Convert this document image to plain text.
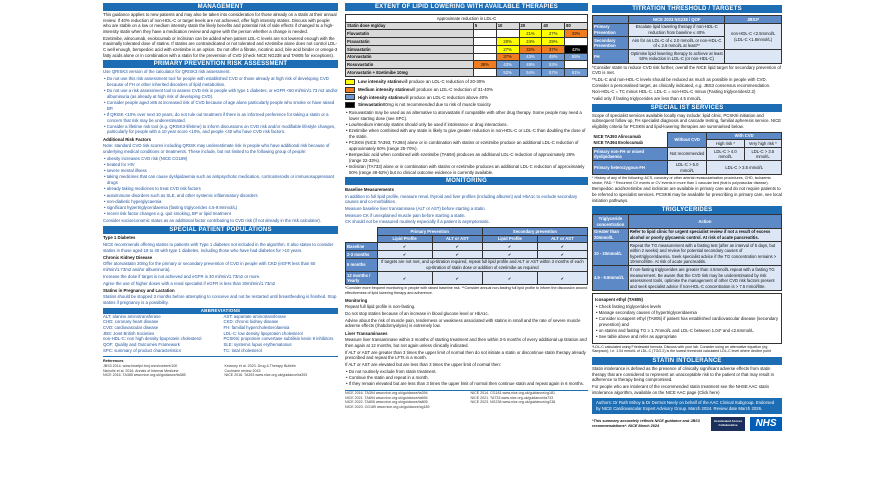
MANAGEMENT

This guidance applies to new patients and may also be taken into consideration for those already on a statin at their annual review. If 40% reduction of non-HDL-C or target levels are not achieved, offer high intensity statins. Discuss with people who are stable on a low or medium intensity statin the likely benefits and potential risk of side effects if changed to a high-intensity statin when they have a medication review and agree with the person whether a change is needed.

Ezetimibe, alirocumab, evolocumab or inclisiran can be added when patient LDL-C levels are not lowered enough with the maximally tolerated dose of statins. If statins are contraindicated or not tolerated and ezetimibe alone does not control LDL-C well enough, bempedoic acid with ezetimibe is an option. Do not offer a fibrate, nicotinic acid, bile acid binder or omega-3 fatty acids alone or in combination with a statin for the prevention of CVD (check NICE NG238 and TA805 for exceptions).

PRIMARY PREVENTION RISK ASSESSMENT

Use QRISK3 version of the calculator for QRISK3 risk assessment.

• Do not use this risk assessment tool for people with established CVD or those already at high risk of developing CVD because of FH or other inherited disorders of lipid metabolism.
• Do not use a risk assessment tool to assess CVD risk in people with type 1 diabetes, or eGFR <60 ml/min/1.73 m2 and/or albuminuria (as already at high risk of developing CVD).
• Consider people aged ≥85 at increased risk of CVD because of age alone particularly people who smoke or have raised BP.
• If QRISK <10% over next 10 years, do not rule out treatment if there is an informed preference for taking a statin or a concern that risk may be underestimated.
• Consider a lifetime risk tool (e.g. QRISK3-lifetime) to inform discussions on CVD risk and/or modifiable lifestyle changes, particularly for people with a 10 year score <10%, and people <40 who have CVD risk factors.
Additional Risk Factors

Note: standard CVD risk scores including QRISK may underestimate risk in people who have additional risk because of underlying medical conditions or treatments. These include, but not limited to the following group of people:

• obesity increases CVD risk (NICE CG189)
• treated for HIV
• severe mental illness
• taking medicines that can cause dyslipidaemia such as antipsychotic medication, corticosteroids or immunosuppressant drugs
• already taking medicines to treat CVD risk factors
• autoimmune disorders such as SLE, and other systemic inflammatory disorders
• non-diabetic hyperglycaemia
• significant hypertriglyceridaemia (fasting triglycerides 4.5-9.9mmol/L)
• recent risk factor changes e.g. quit smoking, BP or lipid treatment

Consider socioeconomic status as an additional factor contributing to CVD risk (if not already in the risk calculator).

SPECIAL PATIENT POPULATIONS
Type 1 Diabetes

NICE recommends offering statins to patients with Type 1 diabetes not included in the algorithm. It also states to consider statins in those aged 18 to 40 with type 1 diabetes, including those who have had diabetes for >10 years.

Chronic Kidney Disease

Offer atorvastatin 20mg for the primary or secondary prevention of CVD in people with CKD (eGFR less than 60 ml/min/1.73m2 and/or albuminuria).

Increase the dose if target is not achieved and eGFR is 30 ml/min/1.73m2 or more.

Agree the use of higher doses with a renal specialist if eGFR is less than 30ml/min/1.73m2

Statins in Pregnancy and Lactation

Statins should be stopped 3 months before attempting to conceive and not be restarted until breastfeeding is finished. Stop statins if pregnancy is a possibility.

ABBREVIATIONS
ALT: alanine aminotransferase	AST: aspartate aminotransferase
CHD: coronary heart disease	CKD: chronic kidney disease
CVD: cardiovascular disease	FH: familial hypercholesterolaemia
JBS: Joint British Societies	LDL-C: low density lipoprotein cholesterol
non-HDL-C: non high density lipoprotein cholesterol	PCSK9i: proprotein convertase subtilisin kexin 9 inhibitors
QOF: Quality and Outcomes Framework	SLE: systemic lupus erythematosus
SPC: summary of product characteristics	TC: total cholesterol
References
JBS3 2014. www.heartjnl.bmj.com/content/100	Kearney et al. 2023. Drug & Therapy Bulletin
Nicholls et al. 2016. Annals of Internal Medicine	Cochrane review 2015
NICE 2016. TA385 www.nice.org.uk/guidance/ta385	NICE 2016. TA393 www.nice.org.uk/guidance/ta393
EXTENT OF LIPID LOWERING WITH AVAILABLE THERAPIES
Approximate reduction in LDL-C					
Statin dose mg/day	5	10	20	40	80
Fluvastatin			21%	27%	33%
Pravastatin		20%	24%	29%	
Simvastatin		27%	32%	37%	42%
Atorvastatin		37%	43%	49%	55%
Rosuvastatin	38%	43%	48%	53%	
Atorvastatin + Ezetimibe 10mg		52%	54%	57%	61%
Low intensity statins will produce an LDL-C reduction of 20-30%
Medium intensity statins will produce an LDL-C reduction of 31-40%
High intensity statins will produce an LDL-C reduction above 40%
Simvastatin 80mg is not recommended due to risk of muscle toxicity
• Rosuvastatin may be used as an alternative to atorvastatin if compatible with other drug therapy. Some people may need a lower starting dose (see SPC).
• Low/medium intensity statins should only be used if intolerance or drug interactions.
• Ezetimibe when combined with any statin is likely to give greater reduction in non-HDL-C or LDL-C than doubling the dose of the statin.
• PCSK9i (NICE TA393, TA394) alone or in combination with statins or ezetimibe produce an additional LDL-C reduction of approximately 50% (range 25-70%).
• Bempedoic acid when combined with ezetimibe (TA694) produces an additional LDL-C reduction of approximately 28% (range 22-33%).
• Inclisiran (TA733) alone or in combination with statins or ezetimibe produces an additional LDL-C reduction of approximately 50% (range 48-52%) but no clinical outcome evidence is currently available.
MONITORING
Baseline Measurements

In addition to full lipid profile, measure renal, thyroid and liver profiles (including albumin) and HbA1c to exclude secondary causes and co-morbidities.

Measure baseline liver transaminase (ALT or AST) before starting a statin.

Measure CK if unexplained muscle pain before starting a statin.

CK should not be measured routinely especially if a patient is asymptomatic.

	Primary Prevention		Secondary prevention	
	Lipid Profile	ALT or AST	Lipid Profile	ALT or AST
Baseline	✔	✔	✔	✔
2-3 months	✔	✔	✔	✔
6 months	If targets are not met, and up-titration required, repeat full lipid profile and ALT or AST within 3 months of each up-titration of statin dose or addition of ezetimibe as required			
12 months / Yearly	✔	✔	✔	✔

*Consider more frequent monitoring in people with raised baseline risk. **Consider annual non-fasting full lipid profile to inform the discussion around effectiveness of lipid lowering therapy and adherence.

Monitoring

Repeat full lipid profile is non-fasting.

Do not stop statins because of an increase in blood glucose level or HbA1c.

Advise about the risk of muscle pain, tenderness or weakness associated with statins in small and the rate of severe muscle adverse effects (rhabdomyolysis) is extremely low.

Liver Transaminases

Measure liver transaminase within 3 months of starting treatment and then within 3-5 months of every additional up titration and then again at 12 months, but not again unless clinically indicated.

If ALT or AST are greater than 3 times the upper limit of normal then do not initiate a statin or discontinue statin therapy already prescribed and repeat the LFTs in a month.

If ALT or AST are elevated but are less than 3 times the upper limit of normal then:

• Do not routinely exclude from statin treatment.
• Continue the statin and repeat in a month.
• If they remain elevated but are less than 3 times the upper limit of normal then continue statin and repeat again in 6 months.
NICE 2016. TA394 www.nice.org.uk/guidance/ta394	NICE 2014. CG181 www.nice.org.uk/guidance/cg181
NICE 2021. TA694 www.nice.org.uk/guidance/ta694	NICE 2021. TA733 www.nice.org.uk/guidance/ta733
NICE 2022. TA805 www.nice.org.uk/guidance/ta805	NICE 2023. NG238 www.nice.org.uk/guidance/ng238
NICE 2023. CG189 www.nice.org.uk/guidance/cg189
TITRATION THRESHOLD / TARGETS
	NICE 2023 NG238 / QOF	JBS3*
Primary Prevention	Escalate lipid lowering therapy if non-HDL-C reduction from baseline ≤ 40%	non-HDL-C <2.5mmol/L (LDL-C <1.8mmol/L)
Secondary Prevention	Aim for an LDL-C of ≤ 2.0 mmol/L or non-HDL-C of ≤ 2.6 mmol/L at least**	
FH	Optimise lipid lowering therapy to achieve at least 50% reduction in LDL-C (or non-HDL-C)	

*Consider statin to reduce CVD risk further, overall the NICE lipid target for secondary prevention of CVD is met.

**LDL-C and non-HDL-C levels should be reduced as much as possible in people with CVD. Consider a personalised target, as clinically indicated, e.g. JBS3 consensus recommendation.

Non-HDL-C = TC minus HDL-C. LDL-C = non-HDL-C minus (Fasting triglycerides/2.2)

*valid only if fasting triglycerides are less than 4.5 mmol/L

SPECIAL IST SERVICES

Scope of specialist services available locally may include: lipid clinic, PCSK9i initiation and subsequent follow up, FH specialist diagnosis and cascade testing, familial apheresis service. NICE eligibility criteria for PCSK9i and lipid-lowering therapies are summarised below.

NICE TA393 Alirocumab
NICE TA394 Evolocumab	Without CVD	With CVD	
		High risk *	Very high risk *
Primary non-FH or mixed dyslipidaemia	Not recommended	LDL-C > 4.0 mmol/L	LDL-C > 3.5 mmol/L
Primary heterozygous-FH	LDL-C > 5.0 mmol/L	LDL-C > 3.5 mmol/L	

* History of any of the following: ACS, coronary or other arterial revascularisation procedures, CHD, ischaemic stroke, PAD. * Recurrent CV events or CV events in more than 1 vascular bed (that is polyvascular disease).

Bempedoic acid/ezetimibe and inclisiran are available in primary care and do not require patients to be referred to specialist services. PCSK9i may be available for prescribing in primary care, see local initiation pathways.

TRIGLYCERIDES
Triglyceride concentration	Action
Greater than 20mmol/L	Refer to lipid clinic for urgent specialist review if not a result of excess alcohol or poorly glycaemic control. At risk of acute pancreatitis.
10 - 20mmol/L	Repeat the TG measurement with a fasting test (after an interval of 5 days, but within 2 weeks) and review for potential secondary causes of hypertriglyceridaemia. Seek specialist advice if the TG concentration remains > 10mmol/litre. At risk of acute pancreatitis.
4.5 - 9.9mmol/L	If non-fasting triglycerides are greater than 4.5mmol/L repeat with a fasting TG measurement. Be aware that the CVD risk may be underestimated by risk assessment tools, optimise the management of other CVD risk factors present and seek specialist advice if non-HDL-C concentration is > 7.5 mmol/litre.
Icosapent ethyl (TA805)
• Check fasting triglycerides levels
• Manage secondary causes of hypertriglyceridaemia
• Consider icosapent ethyl (TA805) if patient has established cardiovascular disease (secondary prevention) and
• on statins and fasting TG ≥ 1.7mmol/L and LDL-C between 1.04* and ≤2.6mmol/L
• See table above and refer as appropriate

*LDL-C calculated using Friedewald formula. Discuss with your lab. Consider using an alternative equation (eg Sampson), i.e. 1.04 mmol/L of LDL-C (TG/2.2) is the lowest threshold calculated LDL-C level where decline point

STATIN INTOLERANCE

Statin intolerance is defined as the presence of clinically significant adverse effects from statin therapy that are considered to represent an unacceptable risk to the patient or that may result in adherence to therapy being compromised.

For people who are intolerant of the recommended statin treatment see the NHSE AAC statin intolerance algorithm, available on the NICE AAC page (Click here)

Authors: Dr Ruth Milroy & Dr Dermot Neely on behalf of the AAC Clinical Subgroup. Endorsed by NICE Cardiovascular Expert Advisory Group. March 2024. Review date March 2026.
*This summary accurately reflects NICE guidance and JBS3 recommendations*. NICE March 2024
Accelerated Access Collaborative	NHS
